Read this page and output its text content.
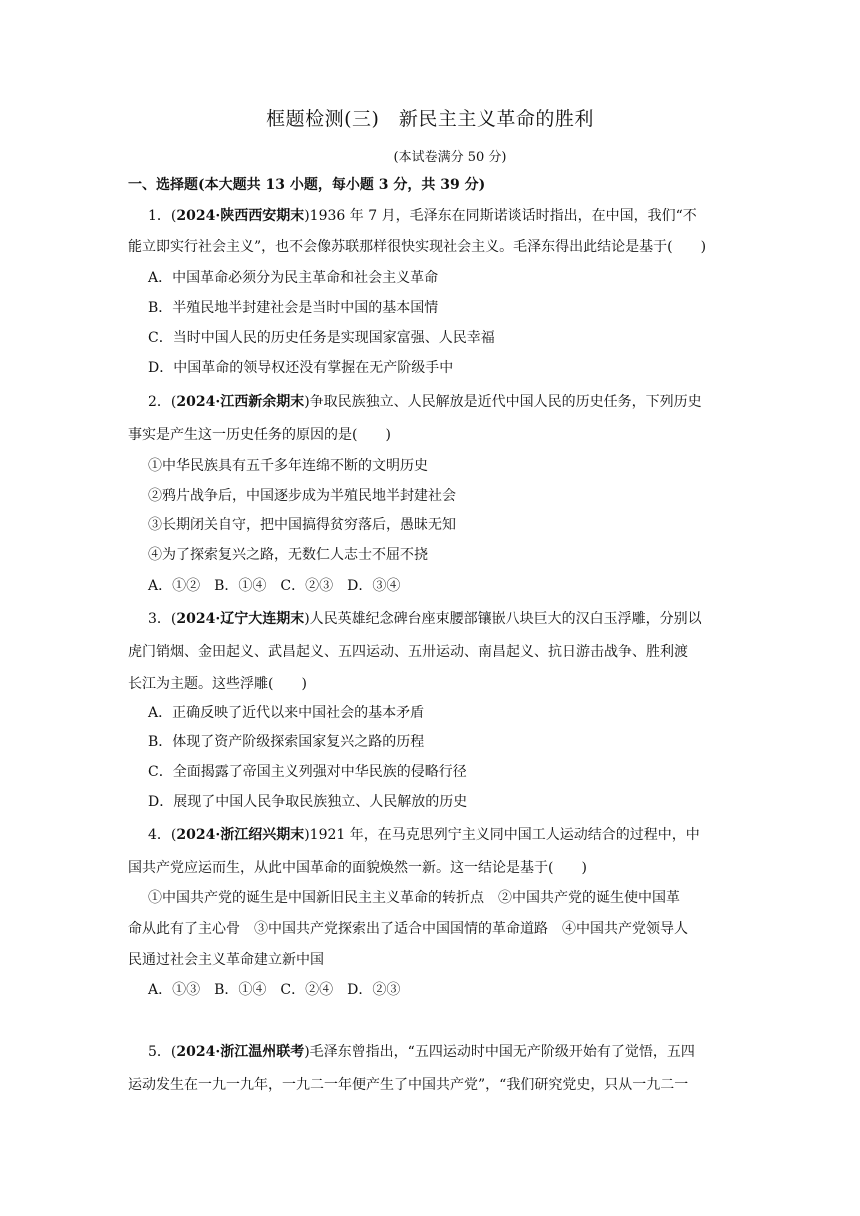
框题检测(三)　新民主主义革命的胜利
(本试卷满分 50 分)
一、选择题(本大题共 13 小题，每小题 3 分，共 39 分)
1．(2024·陕西西安期末)1936 年 7 月，毛泽东在同斯诺谈话时指出，在中国，我们“不
能立即实行社会主义”，也不会像苏联那样很快实现社会主义。毛泽东得出此结论是基于(　　)
A．中国革命必须分为民主革命和社会主义革命
B．半殖民地半封建社会是当时中国的基本国情
C．当时中国人民的历史任务是实现国家富强、人民幸福
D．中国革命的领导权还没有掌握在无产阶级手中
2．(2024·江西新余期末)争取民族独立、人民解放是近代中国人民的历史任务，下列历史
事实是产生这一历史任务的原因的是(　　)
①中华民族具有五千多年连绵不断的文明历史
②鸦片战争后，中国逐步成为半殖民地半封建社会
③长期闭关自守，把中国搞得贫穷落后，愚昧无知
④为了探索复兴之路，无数仁人志士不屈不挠
A．①②　B．①④　C．②③　D．③④
3．(2024·辽宁大连期末)人民英雄纪念碑台座束腰部镶嵌八块巨大的汉白玉浮雕，分别以
虎门销烟、金田起义、武昌起义、五四运动、五卅运动、南昌起义、抗日游击战争、胜利渡
长江为主题。这些浮雕(　　)
A．正确反映了近代以来中国社会的基本矛盾
B．体现了资产阶级探索国家复兴之路的历程
C．全面揭露了帝国主义列强对中华民族的侵略行径
D．展现了中国人民争取民族独立、人民解放的历史
4．(2024·浙江绍兴期末)1921 年，在马克思列宁主义同中国工人运动结合的过程中，中
国共产党应运而生，从此中国革命的面貌焕然一新。这一结论是基于(　　)
①中国共产党的诞生是中国新旧民主主义革命的转折点　②中国共产党的诞生使中国革
命从此有了主心骨　③中国共产党探索出了适合中国国情的革命道路　④中国共产党领导人
民通过社会主义革命建立新中国
A．①③　B．①④　C．②④　D．②③
5．(2024·浙江温州联考)毛泽东曾指出，“五四运动时中国无产阶级开始有了觉悟，五四
运动发生在一九一九年，一九二一年便产生了中国共产党”，“我们研究党史，只从一九二一
